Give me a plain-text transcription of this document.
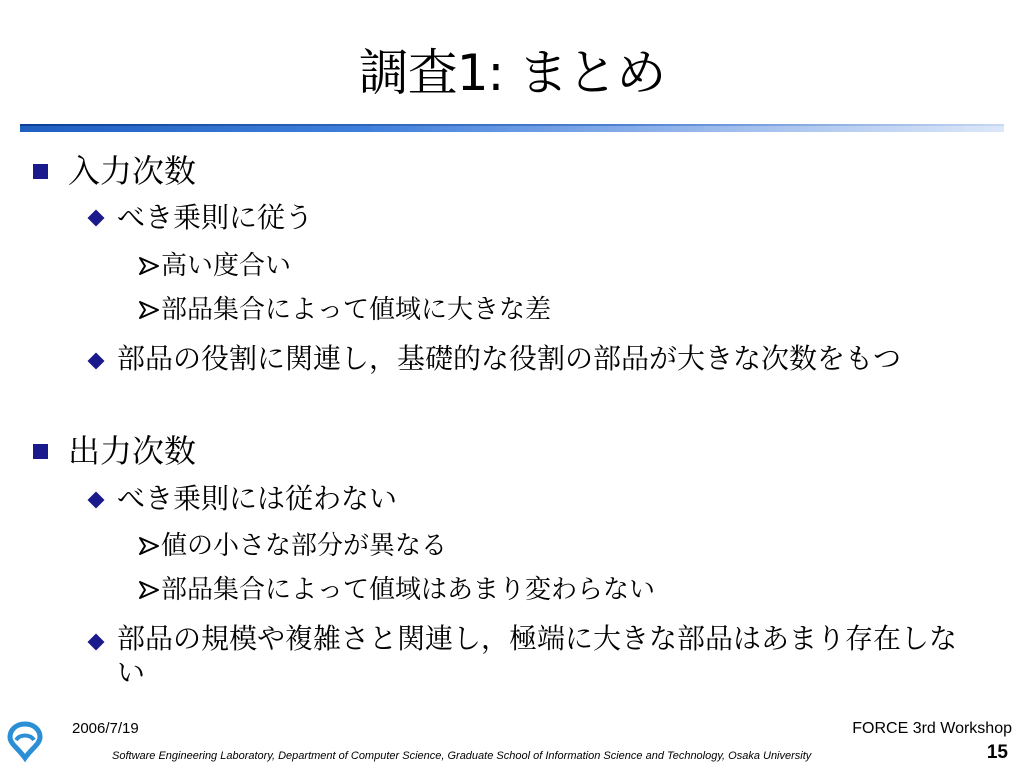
調査1: まとめ
入力次数
べき乗則に従う
高い度合い
部品集合によって値域に大きな差
部品の役割に関連し，基礎的な役割の部品が大きな次数をもつ
出力次数
べき乗則には従わない
値の小さな部分が異なる
部品集合によって値域はあまり変わらない
部品の規模や複雑さと関連し，極端に大きな部品はあまり存在しない
2006/7/19	FORCE 3rd Workshop
Software Engineering Laboratory, Department of Computer Science, Graduate School of Information Science and Technology, Osaka University	15
